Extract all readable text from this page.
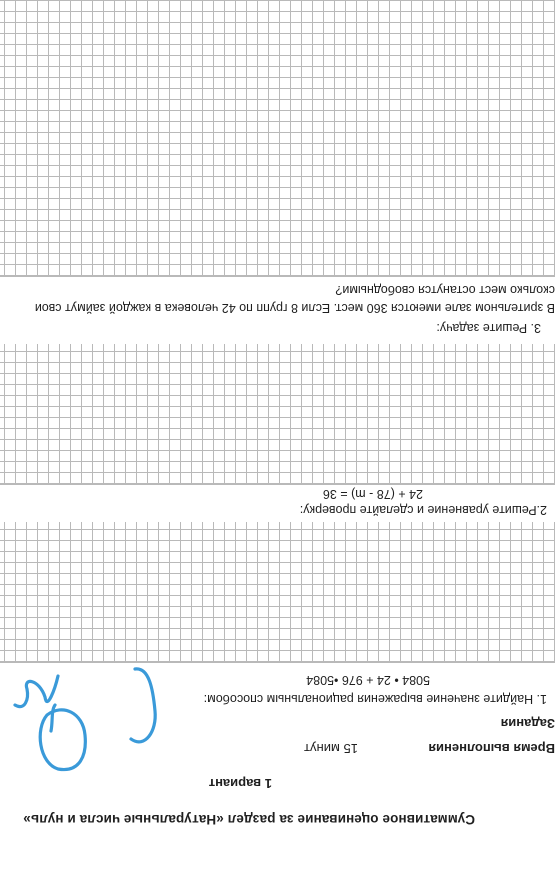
Суммативное оценивание за раздел «Натуральные числа и нуль»
1 вариант
Время выполнения
15 минут
Задания
1. Найдите значение выражения рациональным способом:
5084 • 24 + 976 •5084
2.Решите уравнение и сделайте проверку:
24 + (78 - m) = 36
3. Решите задачу:
В зрительном зале имеются 360 мест. Если 8 групп по 42 человека в каждой займут свои
сколько мест останутся свободными?
